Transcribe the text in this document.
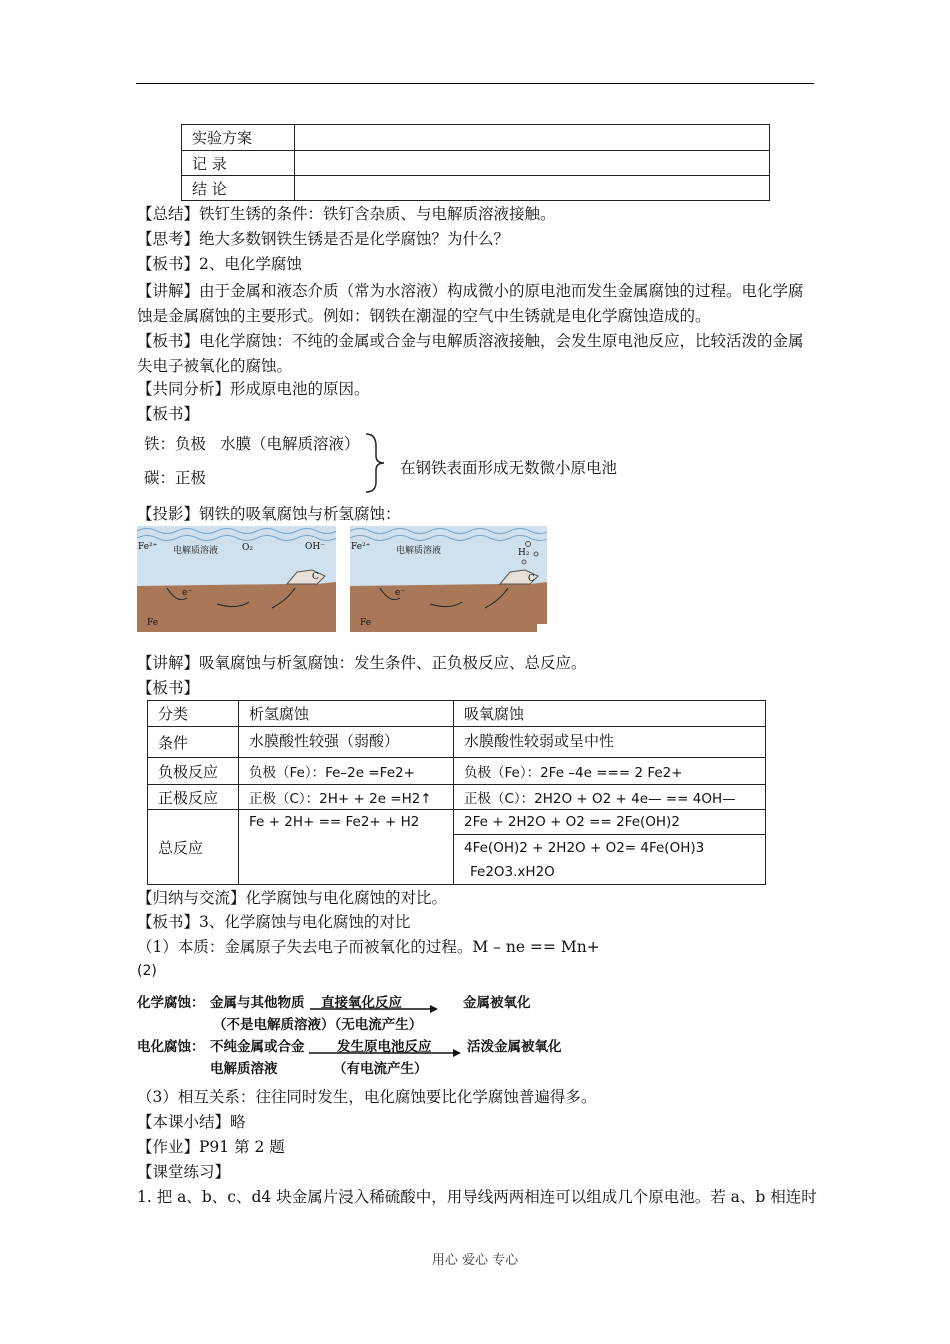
实验方案	
记 录	
结 论	
【总结】铁钉生锈的条件：铁钉含杂质、与电解质溶液接触。
【思考】绝大多数钢铁生锈是否是化学腐蚀？为什么？
【板书】2、电化学腐蚀
【讲解】由于金属和液态介质（常为水溶液）构成微小的原电池而发生金属腐蚀的过程。电化学腐蚀是金属腐蚀的主要形式。例如：钢铁在潮湿的空气中生锈就是电化学腐蚀造成的。
【板书】电化学腐蚀：不纯的金属或合金与电解质溶液接触，会发生原电池反应，比较活泼的金属失电子被氧化的腐蚀。
【共同分析】形成原电池的原因。
【板书】
铁：负极 水膜（电解质溶液）
碳：正极
在钢铁表面形成无数微小原电池
【投影】钢铁的吸氧腐蚀与析氢腐蚀：
Fe²⁺ 电解质溶液	O₂	OH⁻
C
e⁻
Fe
Fe²⁺	电解质溶液	H₂
C
e⁻
Fe
【讲解】吸氧腐蚀与析氢腐蚀：发生条件、正负极反应、总反应。
【板书】
分类	析氢腐蚀	吸氧腐蚀
条件	水膜酸性较强（弱酸）	水膜酸性较弱或呈中性
负极反应	负极（Fe）：Fe–2e =Fe2+	负极（Fe）：2Fe –4e === 2 Fe2+
正极反应	正极（C）：2H+ + 2e =H2↑	正极（C）：2H2O + O2 + 4e— == 4OH—
总反应	Fe + 2H+ == Fe2+ + H2	2Fe + 2H2O + O2 == 2Fe(OH)2

		4Fe(OH)2 + 2H2O + O2= 4Fe(OH)3
Fe2O3.xH2O
【归纳与交流】化学腐蚀与电化腐蚀的对比。
【板书】3、化学腐蚀与电化腐蚀的对比
（1）本质：金属原子失去电子而被氧化的过程。M – ne == Mn+
(2)
化学腐蚀： 金属与其他物质 直接氧化反应	金属被氧化
（不是电解质溶液）（无电流产生）
电化腐蚀： 不纯金属或合金
电解质溶液
发生原电池反应
（有电流产生）
活泼金属被氧化
（3）相互关系：往往同时发生，电化腐蚀要比化学腐蚀普遍得多。
【本课小结】略
【作业】P91 第 2 题
【课堂练习】
1. 把 a、b、c、d4 块金属片浸入稀硫酸中，用导线两两相连可以组成几个原电池。若 a、b 相连时
用心 爱心 专心
